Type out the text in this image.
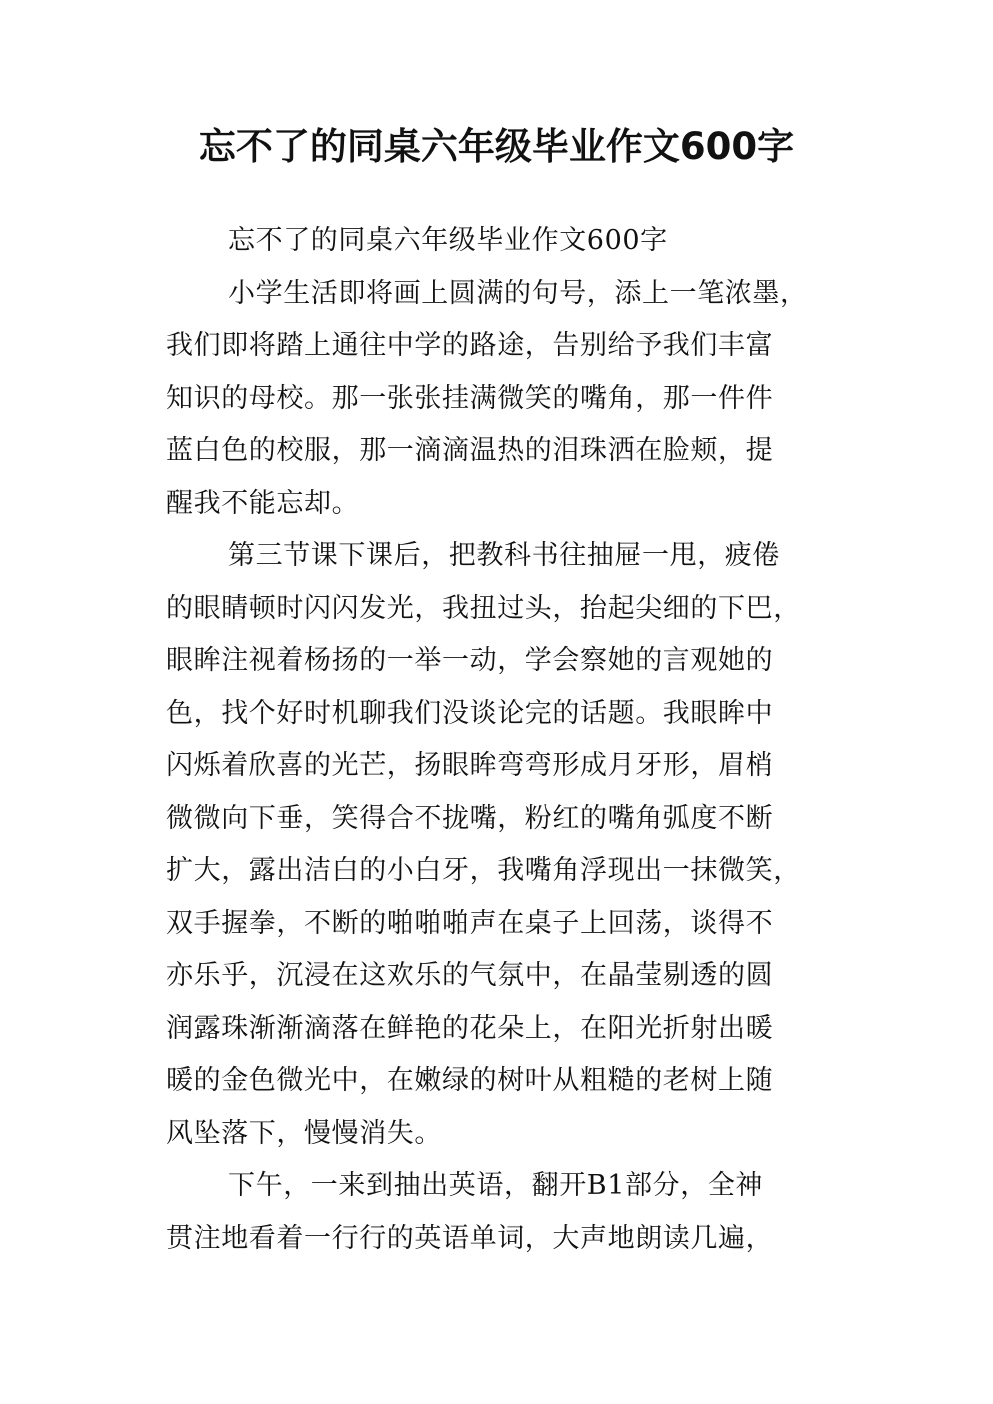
忘不了的同桌六年级毕业作文600字

忘不了的同桌六年级毕业作文600字

小学生活即将画上圆满的句号，添上一笔浓墨，

我们即将踏上通往中学的路途，告别给予我们丰富

知识的母校。那一张张挂满微笑的嘴角，那一件件

蓝白色的校服，那一滴滴温热的泪珠洒在脸颊，提

醒我不能忘却。

第三节课下课后，把教科书往抽屉一甩，疲倦

的眼睛顿时闪闪发光，我扭过头，抬起尖细的下巴，

眼眸注视着杨扬的一举一动，学会察她的言观她的

色，找个好时机聊我们没谈论完的话题。我眼眸中

闪烁着欣喜的光芒，扬眼眸弯弯形成月牙形，眉梢

微微向下垂，笑得合不拢嘴，粉红的嘴角弧度不断

扩大，露出洁白的小白牙，我嘴角浮现出一抹微笑，

双手握拳，不断的啪啪啪声在桌子上回荡，谈得不

亦乐乎，沉浸在这欢乐的气氛中，在晶莹剔透的圆

润露珠渐渐滴落在鲜艳的花朵上，在阳光折射出暖

暖的金色微光中，在嫩绿的树叶从粗糙的老树上随

风坠落下，慢慢消失。

下午，一来到抽出英语，翻开B1部分，全神

贯注地看着一行行的英语单词，大声地朗读几遍，
